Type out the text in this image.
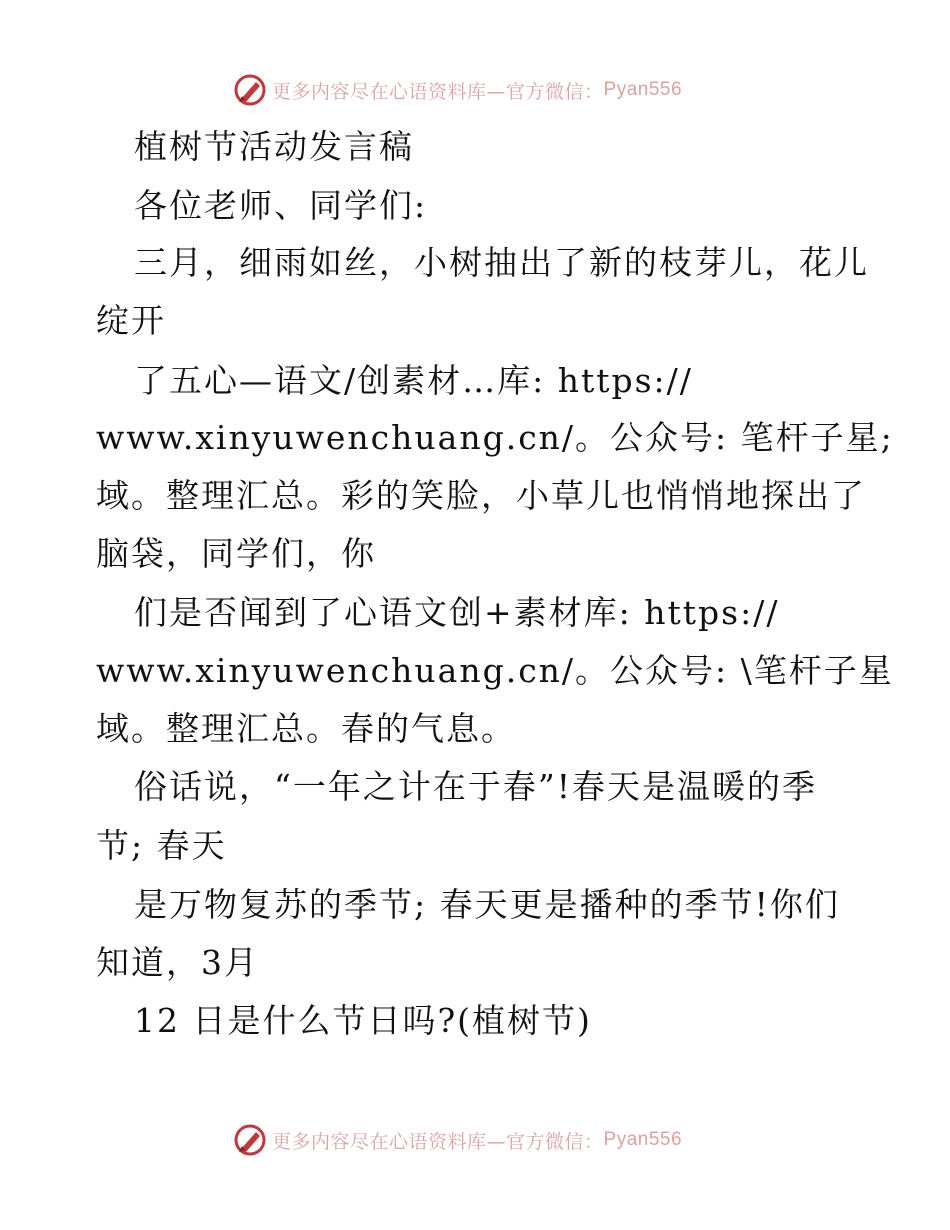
更多内容尽在心语资料库—官方微信： Pyan556
植树节活动发言稿
各位老师、同学们:
三月，细雨如丝，小树抽出了新的枝芽儿，花儿
绽开
了五心—语文/创素材…库: https://
www.xinyuwenchuang.cn/。公众号: 笔杆子星;
域。整理汇总。彩的笑脸，小草儿也悄悄地探出了
脑袋，同学们，你
们是否闻到了心语文创+素材库: https://
www.xinyuwenchuang.cn/。公众号: \笔杆子星
域。整理汇总。春的气息。
俗话说，“一年之计在于春”!春天是温暖的季
节; 春天
是万物复苏的季节; 春天更是播种的季节!你们
知道，3月
12 日是什么节日吗?(植树节)
更多内容尽在心语资料库—官方微信： Pyan556
